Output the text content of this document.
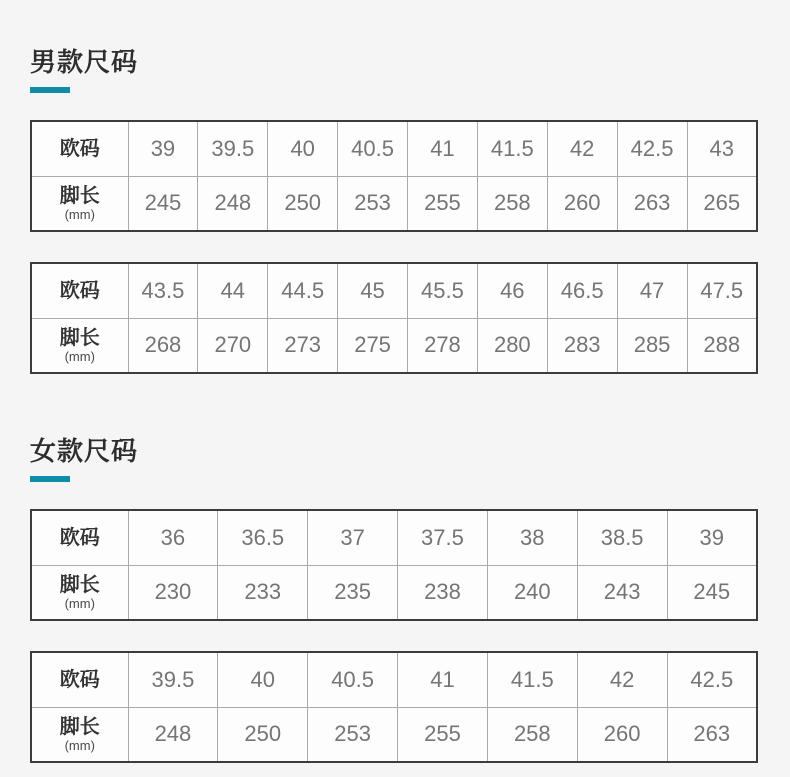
男款尺码
欧码	39	39.5	40	40.5	41	41.5	42	42.5	43
脚长
(mm)	245	248	250	253	255	258	260	263	265
欧码	43.5	44	44.5	45	45.5	46	46.5	47	47.5
脚长
(mm)	268	270	273	275	278	280	283	285	288
女款尺码
欧码	36	36.5	37	37.5	38	38.5	39
脚长
(mm)	230	233	235	238	240	243	245
欧码	39.5	40	40.5	41	41.5	42	42.5
脚长
(mm)	248	250	253	255	258	260	263
